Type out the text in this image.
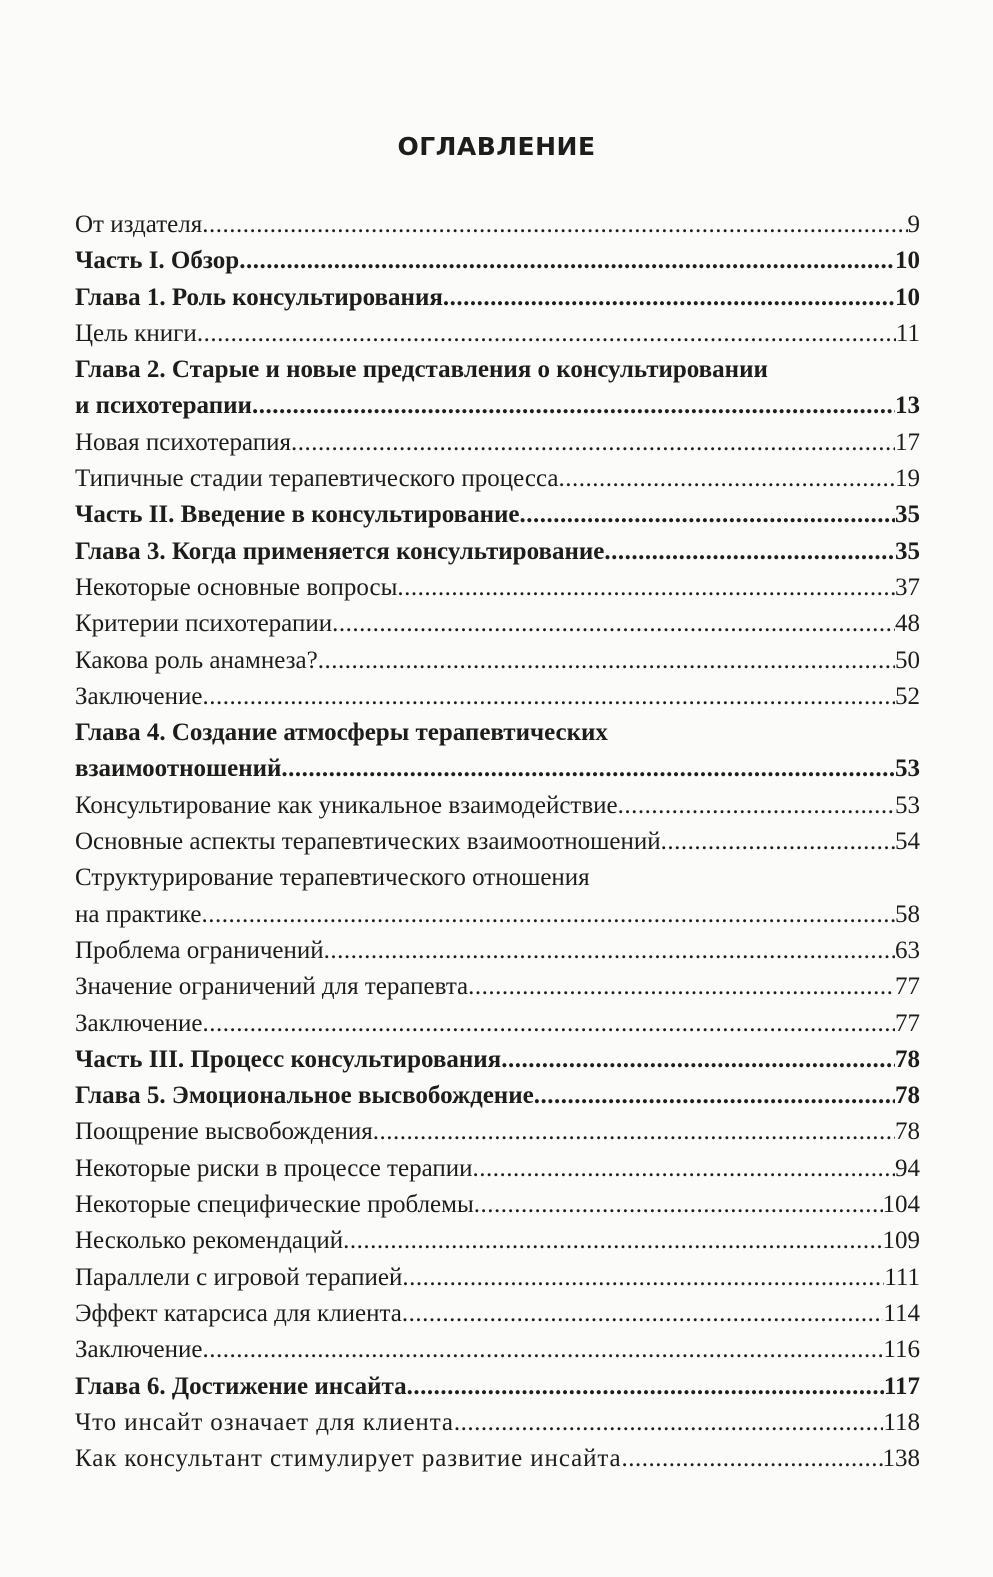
ОГЛАВЛЕНИЕ
От издателя .....	9
Часть I. Обзор .....	10
Глава 1. Роль консультирования .....	10
Цель книги .....	11
Глава 2. Старые и новые представления о консультировании
и психотерапии .....	13
Новая психотерапия .....	17
Типичные стадии терапевтического процесса .....	19
Часть II. Введение в консультирование .....	35
Глава 3. Когда применяется консультирование .....	35
Некоторые основные вопросы .....	37
Критерии психотерапии .....	48
Какова роль анамнеза? .....	50
Заключение .....	52
Глава 4. Создание атмосферы терапевтических
взаимоотношений .....	53
Консультирование как уникальное взаимодействие .....	53
Основные аспекты терапевтических взаимоотношений .....	54
Структурирование терапевтического отношения
на практике .....	58
Проблема ограничений .....	63
Значение ограничений для терапевта .....	77
Заключение .....	77
Часть III. Процесс консультирования .....	78
Глава 5. Эмоциональное высвобождение .....	78
Поощрение высвобождения .....	78
Некоторые риски в процессе терапии .....	94
Некоторые специфические проблемы .....	104
Несколько рекомендаций .....	109
Параллели с игровой терапией .....	111
Эффект катарсиса для клиента .....	114
Заключение .....	116
Глава 6. Достижение инсайта .....	117
Что инсайт означает для клиента .....	118
Как консультант стимулирует развитие инсайта .....	138
